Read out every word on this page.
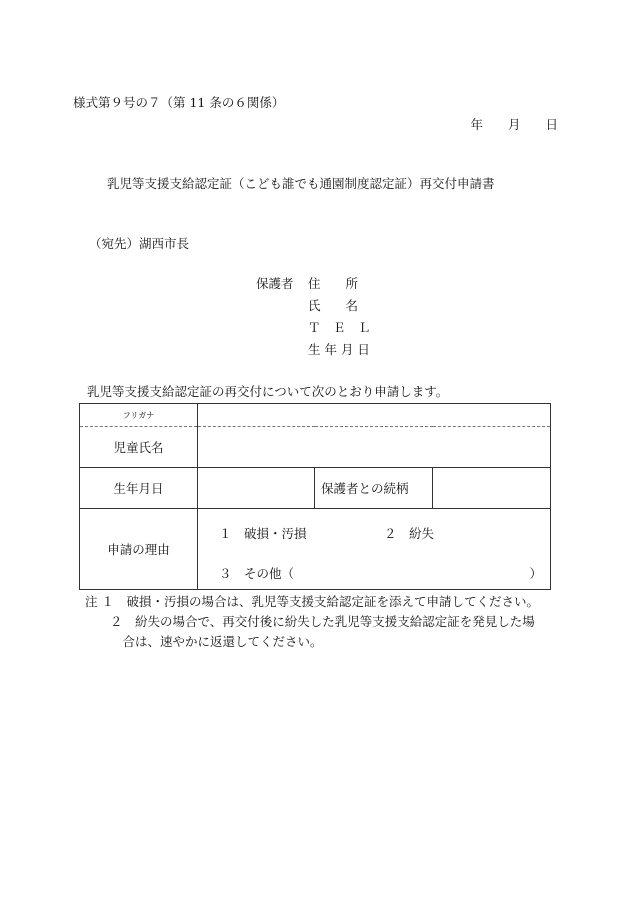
様式第９号の７（第 11 条の６関係）
年 月 日
乳児等支援支給認定証（こども誰でも通園制度認定証）再交付申請書
（宛先）湖西市長
保護者 住　　所
氏　　名
Ｔ　Ｅ　Ｌ
生 年 月 日
乳児等支援支給認定証の再交付について次のとおり申請します。
フリガナ			
児童氏名			
生年月日		保護者との続柄	
申請の理由	１　破損・汚損 ２　紛失
３　その他（ ）		
注 １　破損・汚損の場合は、乳児等支援支給認定証を添えて申請してください。
　　２　紛失の場合で、再交付後に紛失した乳児等支援支給認定証を発見した場
　　　合は、速やかに返還してください。
